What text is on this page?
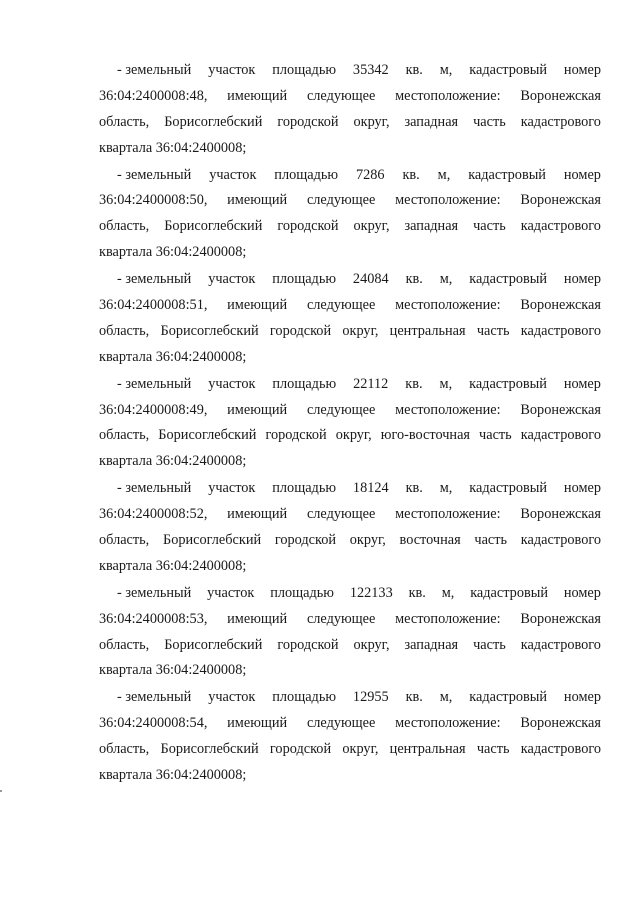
- земельный участок площадью 35342 кв. м, кадастровый номер
36:04:2400008:48, имеющий следующее местоположение: Воронежская
область, Борисоглебский городской округ, западная часть кадастрового
квартала 36:04:2400008;
- земельный участок площадью 7286 кв. м, кадастровый номер
36:04:2400008:50, имеющий следующее местоположение: Воронежская
область, Борисоглебский городской округ, западная часть кадастрового
квартала 36:04:2400008;
- земельный участок площадью 24084 кв. м, кадастровый номер
36:04:2400008:51, имеющий следующее местоположение: Воронежская
область, Борисоглебский городской округ, центральная часть кадастрового
квартала 36:04:2400008;
- земельный участок площадью 22112 кв. м, кадастровый номер
36:04:2400008:49, имеющий следующее местоположение: Воронежская
область, Борисоглебский городской округ, юго-восточная часть кадастрового
квартала 36:04:2400008;
- земельный участок площадью 18124 кв. м, кадастровый номер
36:04:2400008:52, имеющий следующее местоположение: Воронежская
область, Борисоглебский городской округ, восточная часть кадастрового
квартала 36:04:2400008;
- земельный участок площадью 122133 кв. м, кадастровый номер
36:04:2400008:53, имеющий следующее местоположение: Воронежская
область, Борисоглебский городской округ, западная часть кадастрового
квартала 36:04:2400008;
- земельный участок площадью 12955 кв. м, кадастровый номер
36:04:2400008:54, имеющий следующее местоположение: Воронежская
область, Борисоглебский городской округ, центральная часть кадастрового
квартала 36:04:2400008;
